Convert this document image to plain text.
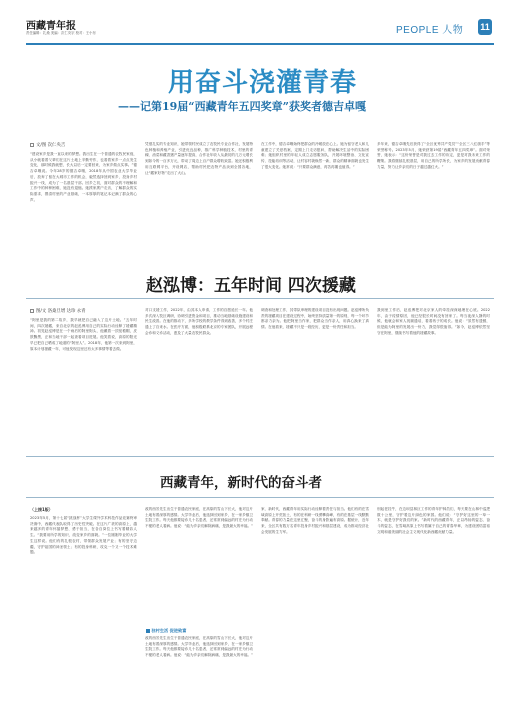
西藏青年报
责任编辑：扎桑 美编：次仁央宗 校对：王小东	PEOPLE 人物 11
用奋斗浇灌青春
——记第19届“西藏青年五四奖章”获奖者德吉卓嘎
文/图 次仁央吉
“建设家乡是我一直以来的梦想。我出生在一个普通的农牧民家庭，从小就看着父辈们在这片土地上辛勤劳作，也看着家乡一点点发生变化，那时候我就想，长大以后一定要回来，为家乡做点实事。”德吉卓嘎说。今年28岁的德吉卓嘎，2018年从中国农业大学毕业后，放弃了留在大城市工作的机会，毅然选择回到家乡，投身乡村振兴一线，成为了一名基层干部。回乡之初，面对群众的不理解和工作中的种种困难，她没有退缩。她挨家挨户走访，了解群众的实际需求，摸清村里的产业基础，一本厚厚的笔记本记满了群众的心声。
凭借扎实的专业知识，她带领村民成立了农牧民专业合作社，发展特色种植和养殖产业，引进优良品种，推广科学种植技术，村里的青稞、油菜和藏香猪产量逐年提高，合作社年收入从最初的几万元增长到如今的一百多万元，带动了周边上百户群众增收致富。她还积极利用互联网平台，开设网店，帮助村民把农特产品卖到全国各地，让“藏家好物”走出了大山。
在工作中，德吉卓嘎始终把群众的冷暖放在心上。她为留守老人和儿童建立了关爱档案，定期上门走访慰问，帮助解决生活中的实际困难；她组织村里的年轻人成立志愿服务队，开展环境整治、文化宣传、技能培训等活动，让村容村貌焕然一新，群众的精神面貌也发生了很大变化。她常说：“只要群众满意，再苦再累也值得。”
多年来，德吉卓嘎先后获得了“全区优秀共产党员”“全区三八红旗手”等荣誉称号。2023年5月，她荣获第19届“西藏青年五四奖章”。面对荣誉，她表示：“这份荣誉是对我过去工作的肯定，更是对我未来工作的鞭策。我将继续扎根基层，用自己的所学所长，为家乡的发展贡献青春力量，努力让乡亲们的日子越过越红火。”
赵泓博：五年时间 四次援藏
图/文 洛桑旦增 达珍 永青
“阿里是我的第二故乡，我早就把自己融入了这片土地。”五年时间，四次援藏，来自北京的赵泓博用自己的实际行动诠释了援藏精神。初见赵泓博是在一个雨后的阿里街头，他戴着一顶宽檐帽，皮肤黝黑，正和当地干部一起查看项目进展。他笑着说，高原的阳光早已把自己晒成了地道的“阿里人”。2018年，他第一次来到阿里，原本计划援藏一年，可他发现这里还有太多事情等着去做。
对口支援工作，2022年，由其本人申请，工作的自愿延长一年。他多次深入牧区调研，协调引进资金和项目，推动当地基础设施建设和民生改善。在他的推动下，多所学校的教学条件得到改善，多个村庄通上了自来水。在医疗方面，他积极联系北京的专家团队，开展远程会诊和义诊活动，惠及了大量农牧民群众。
调查和处理工作，其带队审理的建设项目没有出现问题。赵泓博所负责的援藏项目在建设过程中，始终坚持质量第一的原则，每一个环节都亲力亲为。他把阿里当作家，把群众当作亲人，用真心换来了真情。在他看来，援藏不只是一段经历，更是一份责任和担当。
我到里工作后，赵泓博把对北京家人的牵挂深深地埋在心底。2022年，由于疫情原因，他已经很长时间没有回家了。每当夜深人静的时候，他就会和家人视频通话，看看孩子的成长。他说：“虽然有遗憾，但是能为阿里的发展出一份力，我觉得很值得。”如今，赵泓博依然坚守在阿里，继续书写着他的援藏故事。
西藏青年，新时代的奋斗者
（上接1版）
2023年5月，第十七届“挑战杯”大学生课外学术科技作品竞赛终审决赛中，西藏代表队取得了历史性突破。在这片广袤的高原上，越来越多的青年怀揣梦想、勇于担当，在各自岗位上书写着精彩人生。“我要用所学的知识，改变家乡的面貌。”一位刚刚毕业的大学生这样说。他们有的扎根农村，带领群众发展产业；有的坚守边疆，守护祖国的神圣领土；有的投身科研，攻克一个又一个技术难题。
改的西芳先生出生于普通农民家庭，在高原的雪山下长大，他对这片土地有着深厚的感情。大学毕业后，他选择回到家乡，在一家乡镇卫生院工作。每天他都要接诊几十名患者，还常常到偏远的村庄为行动不便的老人看病。他说：“能为乡亲们解除病痛，是我最大的幸福。”
驻村生活 促进致富
改的西芳先生出生于普通农民家庭，在高原的雪山下长大，他对这片土地有着深厚的感情。大学毕业后，他选择回到家乡，在一家乡镇卫生院工作。每天他都要接诊几十名患者，还常常到偏远的村庄为行动不便的老人看病。他说：“能为乡亲们解除病痛，是我最大的幸福。”
家、新时代，西藏青年用实际行动诠释着责任与担当。他们有的在雪域高原上开荒拓土，有的在科研一线勇攀高峰，有的在基层一线默默奉献。青春的力量在这里汇聚，奋斗的身影遍布高原。据统计，近年来，全区共有数万名青年投身乡村振兴和基层建设，成为推动经济社会发展的生力军。
别起老挂牛，在边坝县林区工作的青年护林员们，每天要在山林中巡逻数十公里，守护着这片绿色的家园。他们说：“守护好这里的一草一木，就是守护好我们的家。”新时代的西藏青年，正以昂扬的姿态、奋斗的姿态，在雪域高原上书写着属于自己的青春华章，为建设团结富裕文明和谐美丽的社会主义现代化新西藏贡献力量。
